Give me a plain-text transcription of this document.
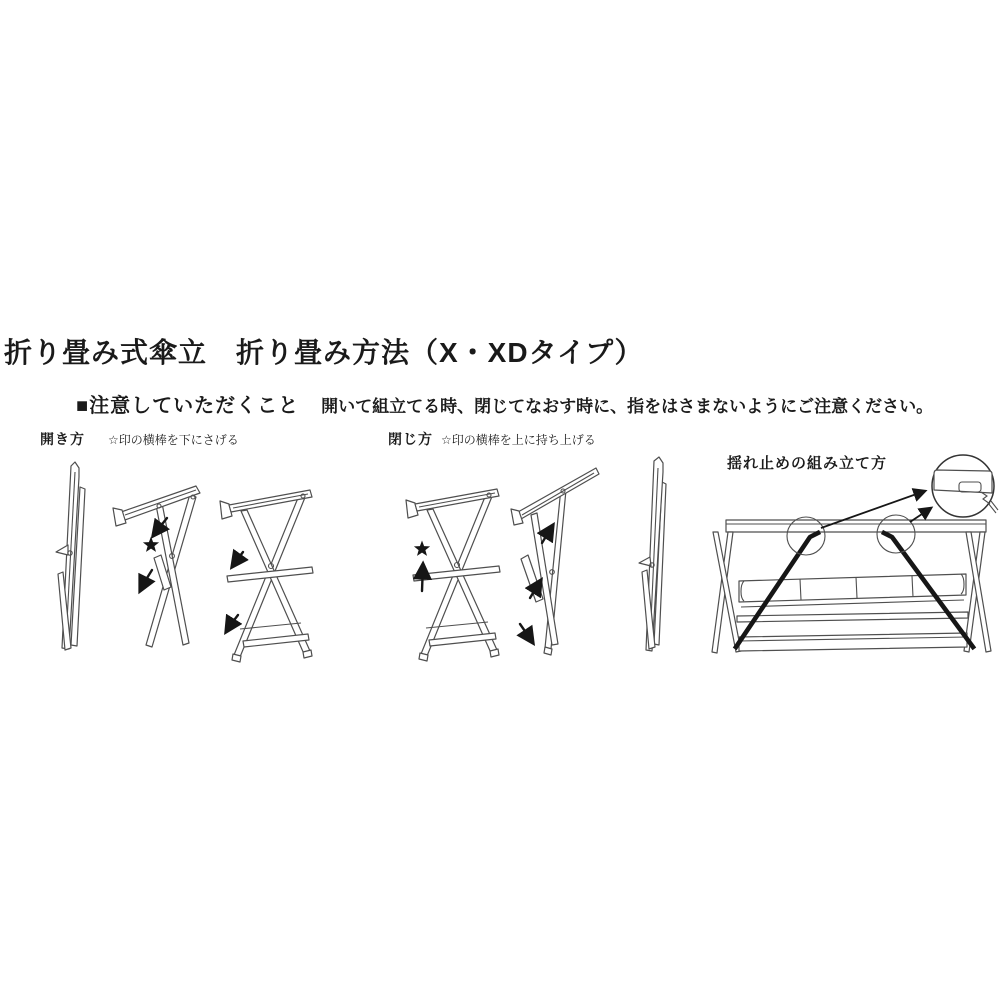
折り畳み式傘立　折り畳み方法（X・XDタイプ）
■注意していただくこと 開いて組立てる時、閉じてなおす時に、指をはさまないようにご注意ください。
開き方 ☆印の横棒を下にさげる	閉じ方 ☆印の横棒を上に持ち上げる
揺れ止めの組み立て方
